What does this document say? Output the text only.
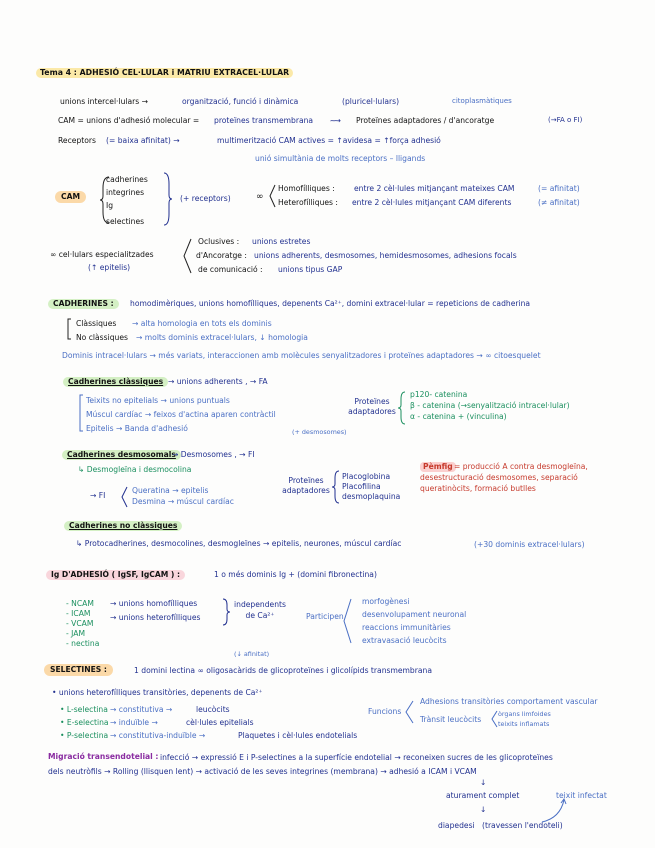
Tema 4 : ADHESIÓ CEL·LULAR i MATRIU EXTRACEL·LULAR
unions intercel·lulars →	organització, funció i dinàmica	(pluricel·lulars)	citoplasmàtiques
CAM = unions d'adhesió molecular = proteïnes transmembrana ⟿ Proteïnes adaptadores / d'ancoratge	(→FA o FI)
Receptors (= baixa afinitat) →	multimerització CAM actives = ↑avidesa = ↑força adhesió
unió simultània de molts receptors – lligands
CAM
cadherines
integrines
Ig
selectines
(+ receptors)	∞
Homofílliques :	entre 2 cèl·lules mitjançant mateixes CAM	(= afinitat)
Heterofílliques : entre 2 cèl·lules mitjançant CAM diferents	(≠ afinitat)
∞ cel·lulars especialitzades
(↑ epitelis)
Oclusives : unions estretes
d'Ancoratge : unions adherents, desmosomes, hemidesmosomes, adhesions focals
de comunicació : unions tipus GAP
CADHERINES :	homodimèriques, unions homofílliques, depenents Ca²⁺, domini extracel·lular = repeticions de cadherina
Clàssiques → alta homologia en tots els dominis
No clàssiques → molts dominis extracel·lulars, ↓ homologia
Dominis intracel·lulars → més variats, interaccionen amb molècules senyalitzadores i proteïnes adaptadores → ∞ citoesquelet
Cadherines clàssiques → unions adherents , → FA
Teixits no epitelials → unions puntuals
Múscul cardíac → feixos d'actina aparen contràctil
Epitelis → Banda d'adhesió	(+ desmosomes)
Proteïnes adaptadores
p120- catenina
β - catenina (→senyalització intracel·lular)
α - catenina + (vinculina)
Cadherines desmosomals
→ Desmosomes , → FI
↳ Desmogleïna i desmocolina
→ FI
Queratina → epitelis
Desmina → múscul cardíac
Proteïnes adaptadores
Placoglobina
Placofilina
desmoplaquina
Pèmfig = producció A contra desmogleïna,
desestructuració desmosomes, separació
queratinòcits, formació butlles
Cadherines no clàssiques
↳ Protocadherines, desmocolines, desmogleïnes → epitelis, neurones, múscul cardíac	(+30 dominis extracel·lulars)
Ig D'ADHESIÓ ( IgSF, IgCAM ) :	1 o més dominis Ig + (domini fibronectina)
- NCAM
- ICAM
- VCAM
- JAM
- nectina
→ unions homofílliques
→ unions heterofílliques
independents de Ca²⁺	Participen
morfogènesi
desenvolupament neuronal
reaccions immunitàries
extravasació leucòcits
(↓ afinitat)
SELECTINES :	1 domini lectina ∞ oligosacàrids de glicoproteïnes i glicolípids transmembrana
• unions heterofílliques transitòries, depenents de Ca²⁺
• L-selectina → constitutiva →	leucòcits
• E-selectina → induïble →	cèl·lules epitelials
• P-selectina → constitutiva-induïble →	Plaquetes i cèl·lules endotelials
Funcions
Adhesions transitòries comportament vascular
Trànsit leucòcits
òrgans limfoides
teixits inflamats
Migració transendotelial : infecció → expressió E i P-selectines a la superfície endotelial → reconeixen sucres de les glicoproteïnes
dels neutròfils → Rolling (llisquen lent) → activació de les seves integrines (membrana) → adhesió a ICAM i VCAM
↓
aturament complet
↓
teixit infectat
diapedesi (travessen l'endoteli)
